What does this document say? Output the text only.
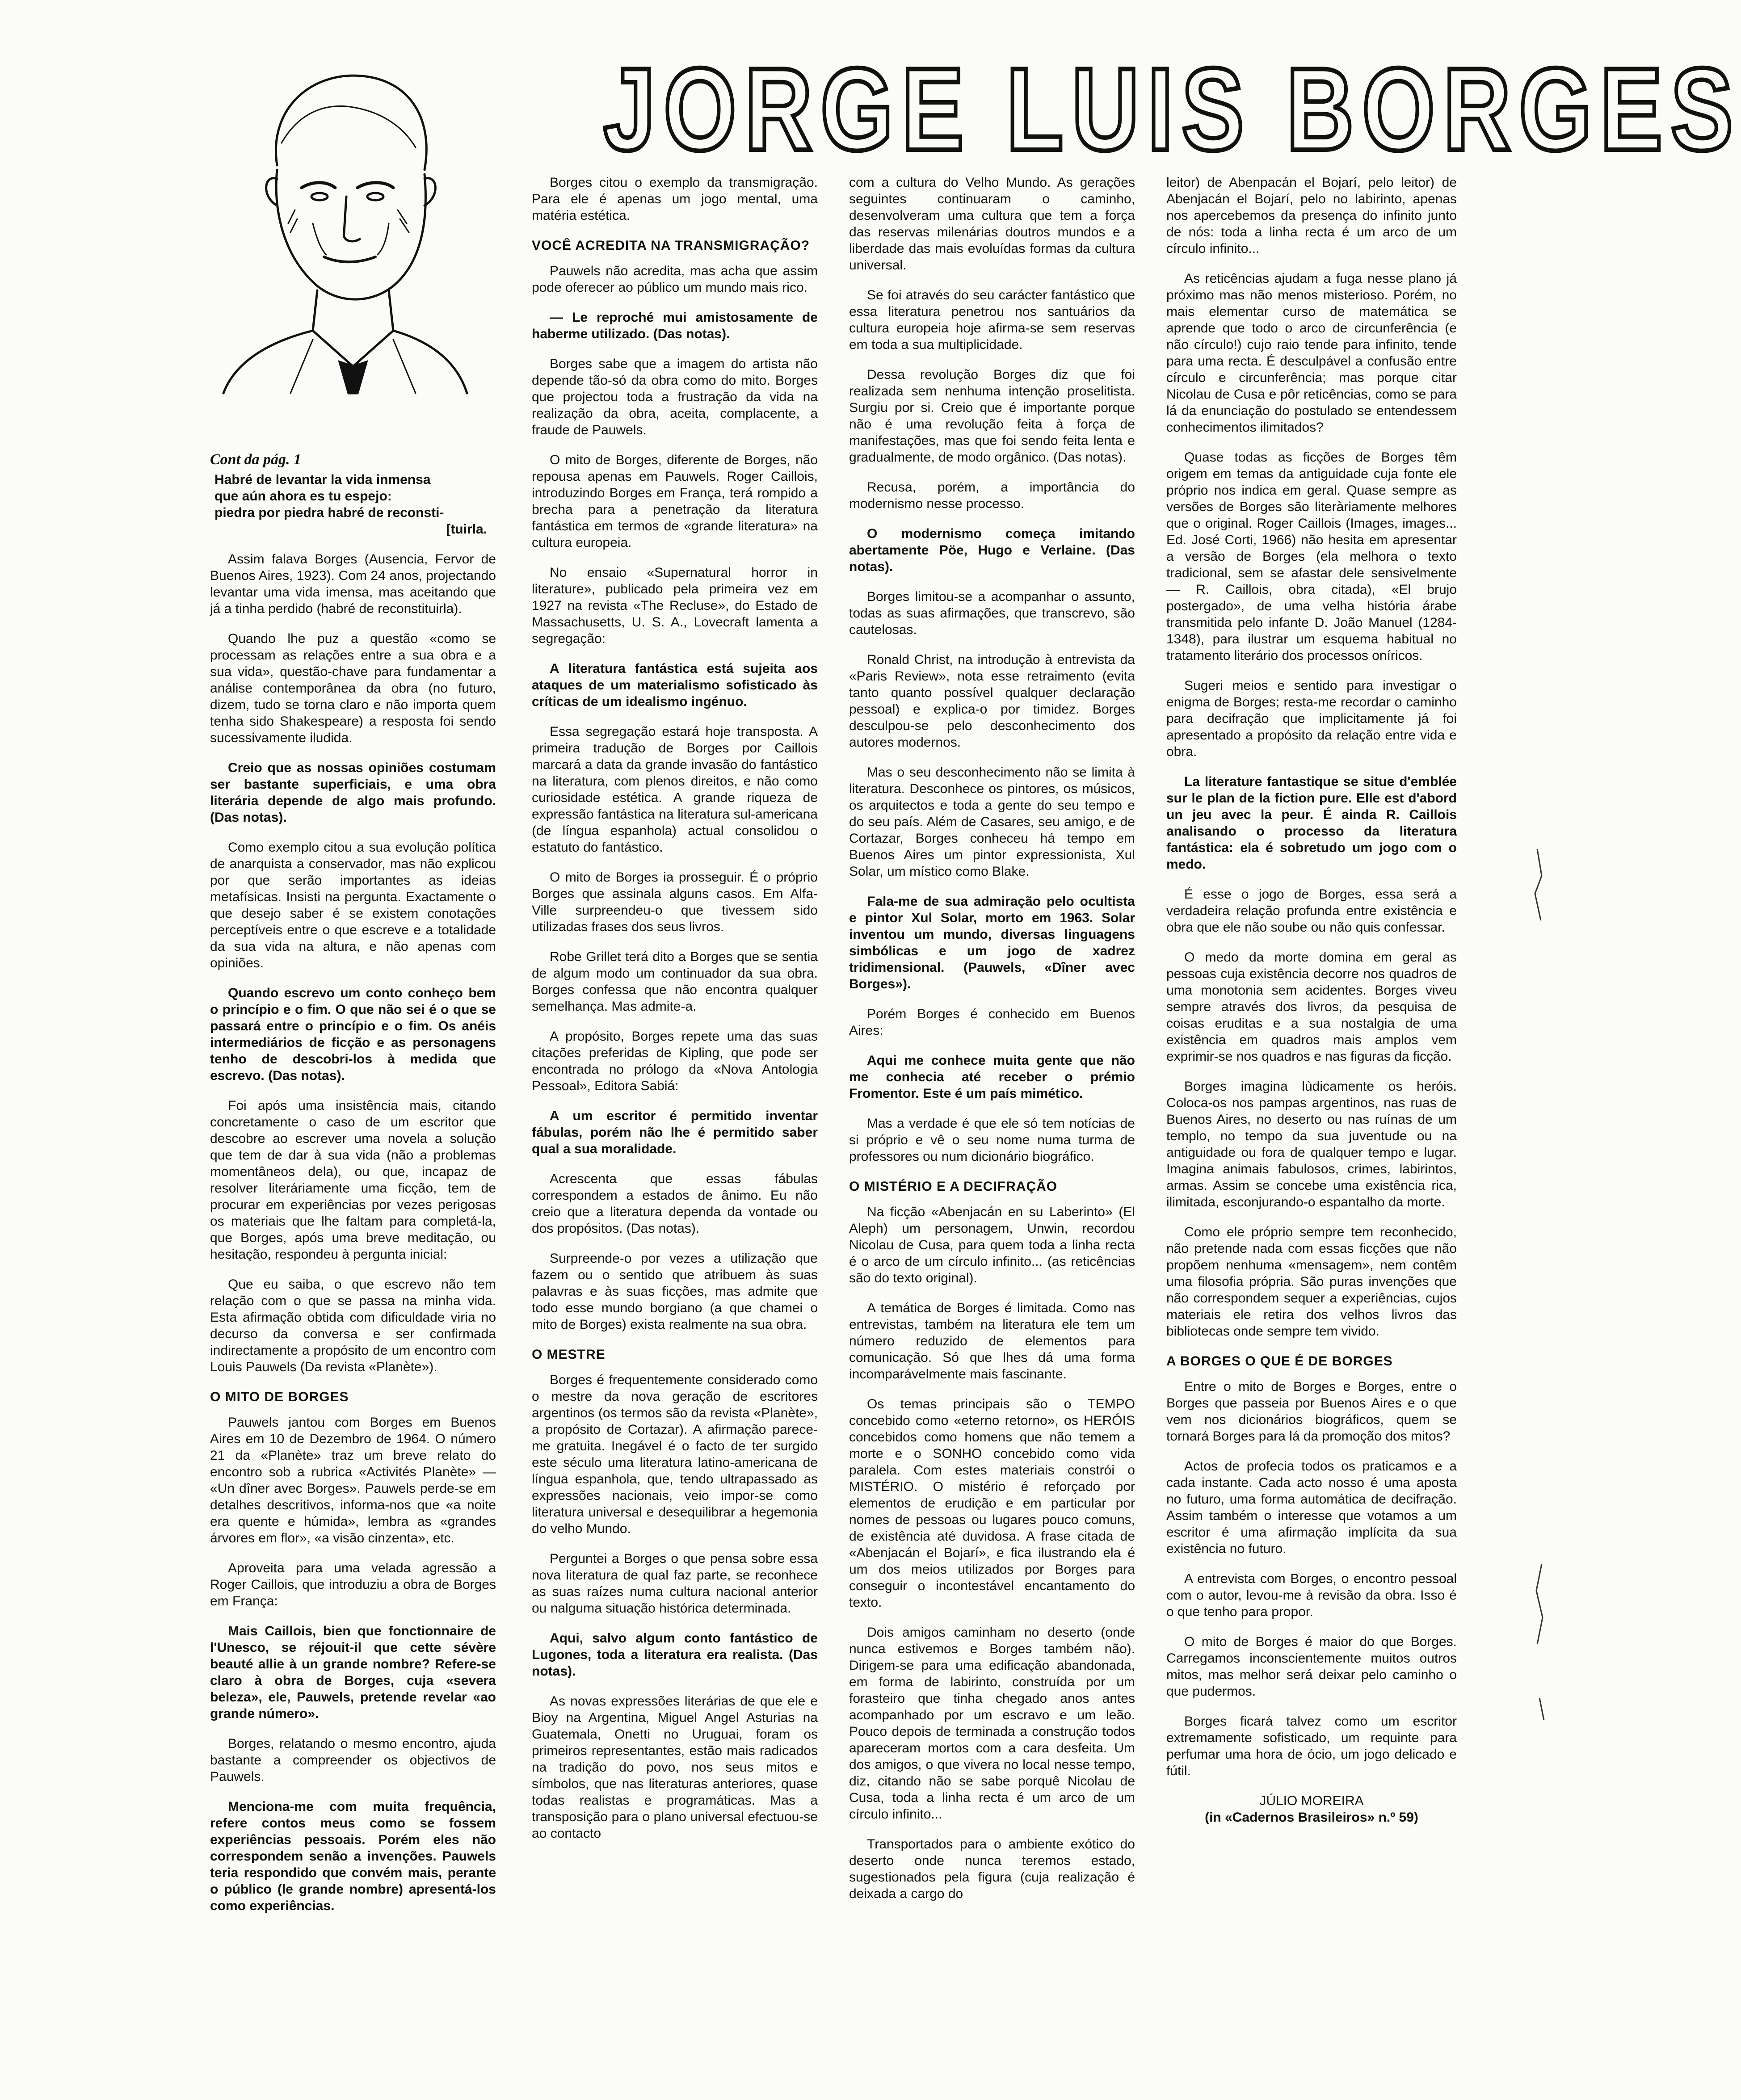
JORGE LUIS BORGES
Cont da pág. 1
Habré de levantar la vida inmensa
que aún ahora es tu espejo:
piedra por piedra habré de reconsti-
[tuirla.

Assim falava Borges (Ausencia, Fervor de Buenos Aires, 1923). Com 24 anos, projectando levantar uma vida imensa, mas aceitando que já a tinha perdido (habré de reconstituirla).

Quando lhe puz a questão «como se processam as relações entre a sua obra e a sua vida», questão-chave para fundamentar a análise contemporânea da obra (no futuro, dizem, tudo se torna claro e não importa quem tenha sido Shakespeare) a resposta foi sendo sucessivamente iludida.

Creio que as nossas opiniões costumam ser bastante superficiais, e uma obra literária depende de algo mais profundo. (Das notas).

Como exemplo citou a sua evolução política de anarquista a conservador, mas não explicou por que serão importantes as ideias metafísicas. Insisti na pergunta. Exactamente o que desejo saber é se existem conotações perceptíveis entre o que escreve e a totalidade da sua vida na altura, e não apenas com opiniões.

Quando escrevo um conto conheço bem o princípio e o fim. O que não sei é o que se passará entre o princípio e o fim. Os anéis intermediários de ficção e as personagens tenho de descobri-los à medida que escrevo. (Das notas).

Foi após uma insistência mais, citando concretamente o caso de um escritor que descobre ao escrever uma novela a solução que tem de dar à sua vida (não a problemas momentâneos dela), ou que, incapaz de resolver literáriamente uma ficção, tem de procurar em experiências por vezes perigosas os materiais que lhe faltam para completá-la, que Borges, após uma breve meditação, ou hesitação, respondeu à pergunta inicial:

Que eu saiba, o que escrevo não tem relação com o que se passa na minha vida. Esta afirmação obtida com dificuldade viria no decurso da conversa e ser confirmada indirectamente a propósito de um encontro com Louis Pauwels (Da revista «Planète»).

O MITO DE BORGES

Pauwels jantou com Borges em Buenos Aires em 10 de Dezembro de 1964. O número 21 da «Planète» traz um breve relato do encontro sob a rubrica «Activités Planète» — «Un dîner avec Borges». Pauwels perde-se em detalhes descritivos, informa-nos que «a noite era quente e húmida», lembra as «grandes árvores em flor», «a visão cinzenta», etc.

Aproveita para uma velada agressão a Roger Caillois, que introduziu a obra de Borges em França:

Mais Caillois, bien que fonctionnaire de l'Unesco, se réjouit-il que cette sévère beauté allie à un grande nombre? Refere-se claro à obra de Borges, cuja «severa beleza», ele, Pauwels, pretende revelar «ao grande número».

Borges, relatando o mesmo encontro, ajuda bastante a compreender os objectivos de Pauwels.

Menciona-me com muita frequência, refere contos meus como se fossem experiências pessoais. Porém eles não correspondem senão a invenções. Pauwels teria respondido que convém mais, perante o público (le grande nombre) apresentá-los como experiências.

Borges citou o exemplo da transmigração. Para ele é apenas um jogo mental, uma matéria estética.

VOCÊ ACREDITA NA TRANSMIGRAÇÃO?

Pauwels não acredita, mas acha que assim pode oferecer ao público um mundo mais rico.

— Le reproché mui amistosamente de haberme utilizado. (Das notas).

Borges sabe que a imagem do artista não depende tão-só da obra como do mito. Borges que projectou toda a frustração da vida na realização da obra, aceita, complacente, a fraude de Pauwels.

O mito de Borges, diferente de Borges, não repousa apenas em Pauwels. Roger Caillois, introduzindo Borges em França, terá rompido a brecha para a penetração da literatura fantástica em termos de «grande literatura» na cultura europeia.

No ensaio «Supernatural horror in literature», publicado pela primeira vez em 1927 na revista «The Recluse», do Estado de Massachusetts, U. S. A., Lovecraft lamenta a segregação:

A literatura fantástica está sujeita aos ataques de um materialismo sofisticado às críticas de um idealismo ingénuo.

Essa segregação estará hoje transposta. A primeira tradução de Borges por Caillois marcará a data da grande invasão do fantástico na literatura, com plenos direitos, e não como curiosidade estética. A grande riqueza de expressão fantástica na literatura sul-americana (de língua espanhola) actual consolidou o estatuto do fantástico.

O mito de Borges ia prosseguir. É o próprio Borges que assinala alguns casos. Em Alfa-Ville surpreendeu-o que tivessem sido utilizadas frases dos seus livros.

Robe Grillet terá dito a Borges que se sentia de algum modo um continuador da sua obra. Borges confessa que não encontra qualquer semelhança. Mas admite-a.

A propósito, Borges repete uma das suas citações preferidas de Kipling, que pode ser encontrada no prólogo da «Nova Antologia Pessoal», Editora Sabiá:

A um escritor é permitido inventar fábulas, porém não lhe é permitido saber qual a sua moralidade.

Acrescenta que essas fábulas correspondem a estados de ânimo. Eu não creio que a literatura dependa da vontade ou dos propósitos. (Das notas).

Surpreende-o por vezes a utilização que fazem ou o sentido que atribuem às suas palavras e às suas ficções, mas admite que todo esse mundo borgiano (a que chamei o mito de Borges) exista realmente na sua obra.

O MESTRE

Borges é frequentemente considerado como o mestre da nova geração de escritores argentinos (os termos são da revista «Planète», a propósito de Cortazar). A afirmação parece-me gratuita. Inegável é o facto de ter surgido este século uma literatura latino-americana de língua espanhola, que, tendo ultrapassado as expressões nacionais, veio impor-se como literatura universal e desequilibrar a hegemonia do velho Mundo.

Perguntei a Borges o que pensa sobre essa nova literatura de qual faz parte, se reconhece as suas raízes numa cultura nacional anterior ou nalguma situação histórica determinada.

Aqui, salvo algum conto fantástico de Lugones, toda a literatura era realista. (Das notas).

As novas expressões literárias de que ele e Bioy na Argentina, Miguel Angel Asturias na Guatemala, Onetti no Uruguai, foram os primeiros representantes, estão mais radicados na tradição do povo, nos seus mitos e símbolos, que nas literaturas anteriores, quase todas realistas e programáticas. Mas a transposição para o plano universal efectuou-se ao contacto

com a cultura do Velho Mundo. As gerações seguintes continuaram o caminho, desenvolveram uma cultura que tem a força das reservas milenárias doutros mundos e a liberdade das mais evoluídas formas da cultura universal.

Se foi através do seu carácter fantástico que essa literatura penetrou nos santuários da cultura europeia hoje afirma-se sem reservas em toda a sua multiplicidade.

Dessa revolução Borges diz que foi realizada sem nenhuma intenção proselitista. Surgiu por si. Creio que é importante porque não é uma revolução feita à força de manifestações, mas que foi sendo feita lenta e gradualmente, de modo orgânico. (Das notas).

Recusa, porém, a importância do modernismo nesse processo.

O modernismo começa imitando abertamente Pöe, Hugo e Verlaine. (Das notas).

Borges limitou-se a acompanhar o assunto, todas as suas afirmações, que transcrevo, são cautelosas.

Ronald Christ, na introdução à entrevista da «Paris Review», nota esse retraimento (evita tanto quanto possível qualquer declaração pessoal) e explica-o por timidez. Borges desculpou-se pelo desconhecimento dos autores modernos.

Mas o seu desconhecimento não se limita à literatura. Desconhece os pintores, os músicos, os arquitectos e toda a gente do seu tempo e do seu país. Além de Casares, seu amigo, e de Cortazar, Borges conheceu há tempo em Buenos Aires um pintor expressionista, Xul Solar, um místico como Blake.

Fala-me de sua admiração pelo ocultista e pintor Xul Solar, morto em 1963. Solar inventou um mundo, diversas linguagens simbólicas e um jogo de xadrez tridimensional. (Pauwels, «Dîner avec Borges»).

Porém Borges é conhecido em Buenos Aires:

Aqui me conhece muita gente que não me conhecia até receber o prémio Fromentor. Este é um país mimético.

Mas a verdade é que ele só tem notícias de si próprio e vê o seu nome numa turma de professores ou num dicionário biográfico.

O MISTÉRIO E A DECIFRAÇÃO

Na ficção «Abenjacán en su Laberinto» (El Aleph) um personagem, Unwin, recordou Nicolau de Cusa, para quem toda a linha recta é o arco de um círculo infinito... (as reticências são do texto original).

A temática de Borges é limitada. Como nas entrevistas, também na literatura ele tem um número reduzido de elementos para comunicação. Só que lhes dá uma forma incomparávelmente mais fascinante.

Os temas principais são o TEMPO concebido como «eterno retorno», os HERÓIS concebidos como homens que não temem a morte e o SONHO concebido como vida paralela. Com estes materiais constrói o MISTÉRIO. O mistério é reforçado por elementos de erudição e em particular por nomes de pessoas ou lugares pouco comuns, de existência até duvidosa. A frase citada de «Abenjacán el Bojarí», e fica ilustrando ela é um dos meios utilizados por Borges para conseguir o incontestável encantamento do texto.

Dois amigos caminham no deserto (onde nunca estivemos e Borges também não). Dirigem-se para uma edificação abandonada, em forma de labirinto, construída por um forasteiro que tinha chegado anos antes acompanhado por um escravo e um leão. Pouco depois de terminada a construção todos apareceram mortos com a cara desfeita. Um dos amigos, o que vivera no local nesse tempo, diz, citando não se sabe porquê Nicolau de Cusa, toda a linha recta é um arco de um círculo infinito...

Transportados para o ambiente exótico do deserto onde nunca teremos estado, sugestionados pela figura (cuja realização é deixada a cargo do

leitor) de Abenpacán el Bojarí, pelo leitor) de Abenjacán el Bojarí, pelo no labirinto, apenas nos apercebemos da presença do infinito junto de nós: toda a linha recta é um arco de um círculo infinito...

As reticências ajudam a fuga nesse plano já próximo mas não menos misterioso. Porém, no mais elementar curso de matemática se aprende que todo o arco de circunferência (e não círculo!) cujo raio tende para infinito, tende para uma recta. É desculpável a confusão entre círculo e circunferência; mas porque citar Nicolau de Cusa e pôr reticências, como se para lá da enunciação do postulado se entendessem conhecimentos ilimitados?

Quase todas as ficções de Borges têm origem em temas da antiguidade cuja fonte ele próprio nos indica em geral. Quase sempre as versões de Borges são literàriamente melhores que o original. Roger Caillois (Images, images... Ed. José Corti, 1966) não hesita em apresentar a versão de Borges (ela melhora o texto tradicional, sem se afastar dele sensivelmente — R. Caillois, obra citada), «El brujo postergado», de uma velha história árabe transmitida pelo infante D. João Manuel (1284-1348), para ilustrar um esquema habitual no tratamento literário dos processos oníricos.

Sugeri meios e sentido para investigar o enigma de Borges; resta-me recordar o caminho para decifração que implicitamente já foi apresentado a propósito da relação entre vida e obra.

La literature fantastique se situe d'emblée sur le plan de la fiction pure. Elle est d'abord un jeu avec la peur. É ainda R. Caillois analisando o processo da literatura fantástica: ela é sobretudo um jogo com o medo.

É esse o jogo de Borges, essa será a verdadeira relação profunda entre existência e obra que ele não soube ou não quis confessar.

O medo da morte domina em geral as pessoas cuja existência decorre nos quadros de uma monotonia sem acidentes. Borges viveu sempre através dos livros, da pesquisa de coisas eruditas e a sua nostalgia de uma existência em quadros mais amplos vem exprimir-se nos quadros e nas figuras da ficção.

Borges imagina lùdicamente os heróis. Coloca-os nos pampas argentinos, nas ruas de Buenos Aires, no deserto ou nas ruínas de um templo, no tempo da sua juventude ou na antiguidade ou fora de qualquer tempo e lugar. Imagina animais fabulosos, crimes, labirintos, armas. Assim se concebe uma existência rica, ilimitada, esconjurando-o espantalho da morte.

Como ele próprio sempre tem reconhecido, não pretende nada com essas ficções que não propõem nenhuma «mensagem», nem contêm uma filosofia própria. São puras invenções que não correspondem sequer a experiências, cujos materiais ele retira dos velhos livros das bibliotecas onde sempre tem vivido.

A BORGES O QUE É DE BORGES

Entre o mito de Borges e Borges, entre o Borges que passeia por Buenos Aires e o que vem nos dicionários biográficos, quem se tornará Borges para lá da promoção dos mitos?

Actos de profecia todos os praticamos e a cada instante. Cada acto nosso é uma aposta no futuro, uma forma automática de decifração. Assim também o interesse que votamos a um escritor é uma afirmação implícita da sua existência no futuro.

A entrevista com Borges, o encontro pessoal com o autor, levou-me à revisão da obra. Isso é o que tenho para propor.

O mito de Borges é maior do que Borges. Carregamos inconscientemente muitos outros mitos, mas melhor será deixar pelo caminho o que pudermos.

Borges ficará talvez como um escritor extremamente sofisticado, um requinte para perfumar uma hora de ócio, um jogo delicado e fútil.

JÚLIO MOREIRA
(in «Cadernos Brasileiros» n.º 59)
